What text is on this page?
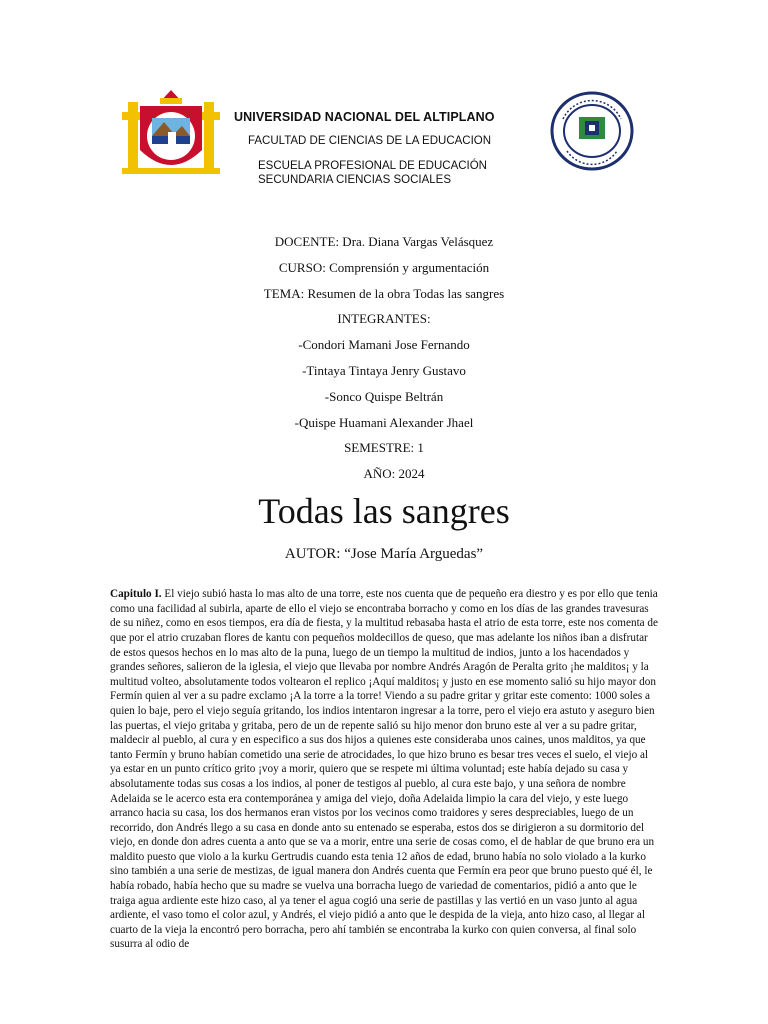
UNIVERSIDAD NACIONAL DEL ALTIPLANO
FACULTAD DE CIENCIAS DE LA EDUCACION
ESCUELA PROFESIONAL DE EDUCACIÓN
SECUNDARIA CIENCIAS SOCIALES
DOCENTE: Dra. Diana Vargas Velásquez
CURSO: Comprensión y argumentación
TEMA: Resumen de la obra Todas las sangres
INTEGRANTES:
-Condori Mamani Jose Fernando
-Tintaya Tintaya Jenry Gustavo
-Sonco Quispe Beltrán
-Quispe Huamani Alexander Jhael
SEMESTRE: 1
AÑO: 2024
Todas las sangres
AUTOR: “Jose María Arguedas”

Capitulo I. El viejo subió hasta lo mas alto de una torre, este nos cuenta que de pequeño era diestro y es por ello que tenia como una facilidad al subirla, aparte de ello el viejo se encontraba borracho y como en los días de las grandes travesuras de su niñez, como en esos tiempos, era día de fiesta, y la multitud rebasaba hasta el atrio de esta torre, este nos comenta de que por el atrio cruzaban flores de kantu con pequeños moldecillos de queso, que mas adelante los niños iban a disfrutar de estos quesos hechos en lo mas alto de la puna, luego de un tiempo la multitud de indios, junto a los hacendados y grandes señores, salieron de la iglesia, el viejo que llevaba por nombre Andrés Aragón de Peralta grito ¡he malditos¡ y la multitud volteo, absolutamente todos voltearon el replico ¡Aquí malditos¡ y justo en ese momento salió su hijo mayor don Fermín quien al ver a su padre exclamo ¡A la torre a la torre! Viendo a su padre gritar y gritar este comento: 1000 soles a quien lo baje, pero el viejo seguía gritando, los indios intentaron ingresar a la torre, pero el viejo era astuto y aseguro bien las puertas, el viejo gritaba y gritaba, pero de un de repente salió su hijo menor don bruno este al ver a su padre gritar, maldecir al pueblo, al cura y en especifico a sus dos hijos a quienes este consideraba unos caines, unos malditos, ya que tanto Fermín y bruno habían cometido una serie de atrocidades, lo que hizo bruno es besar tres veces el suelo, el viejo al ya estar en un punto crítico grito ¡voy a morir, quiero que se respete mi última voluntad¡ este había dejado su casa y absolutamente todas sus cosas a los indios, al poner de testigos al pueblo, al cura este bajo, y una señora de nombre Adelaida se le acerco esta era contemporánea y amiga del viejo, doña Adelaida limpio la cara del viejo, y este luego arranco hacia su casa, los dos hermanos eran vistos por los vecinos como traidores y seres despreciables, luego de un recorrido, don Andrés llego a su casa en donde anto su entenado se esperaba, estos dos se dirigieron a su dormitorio del viejo, en donde don adres cuenta a anto que se va a morir, entre una serie de cosas como, el de hablar de que bruno era un maldito puesto que violo a la kurku Gertrudis cuando esta tenia 12 años de edad, bruno había no solo violado a la kurko sino también a una serie de mestizas, de igual manera don Andrés cuenta que Fermín era peor que bruno puesto qué él, le había robado, había hecho que su madre se vuelva una borracha luego de variedad de comentarios, pidió a anto que le traiga agua ardiente este hizo caso, al ya tener el agua cogió una serie de pastillas y las vertió en un vaso junto al agua ardiente, el vaso tomo el color azul, y Andrés, el viejo pidió a anto que le despida de la vieja, anto hizo caso, al llegar al cuarto de la vieja la encontró pero borracha, pero ahí también se encontraba la kurko con quien conversa, al final solo susurra al odio de
